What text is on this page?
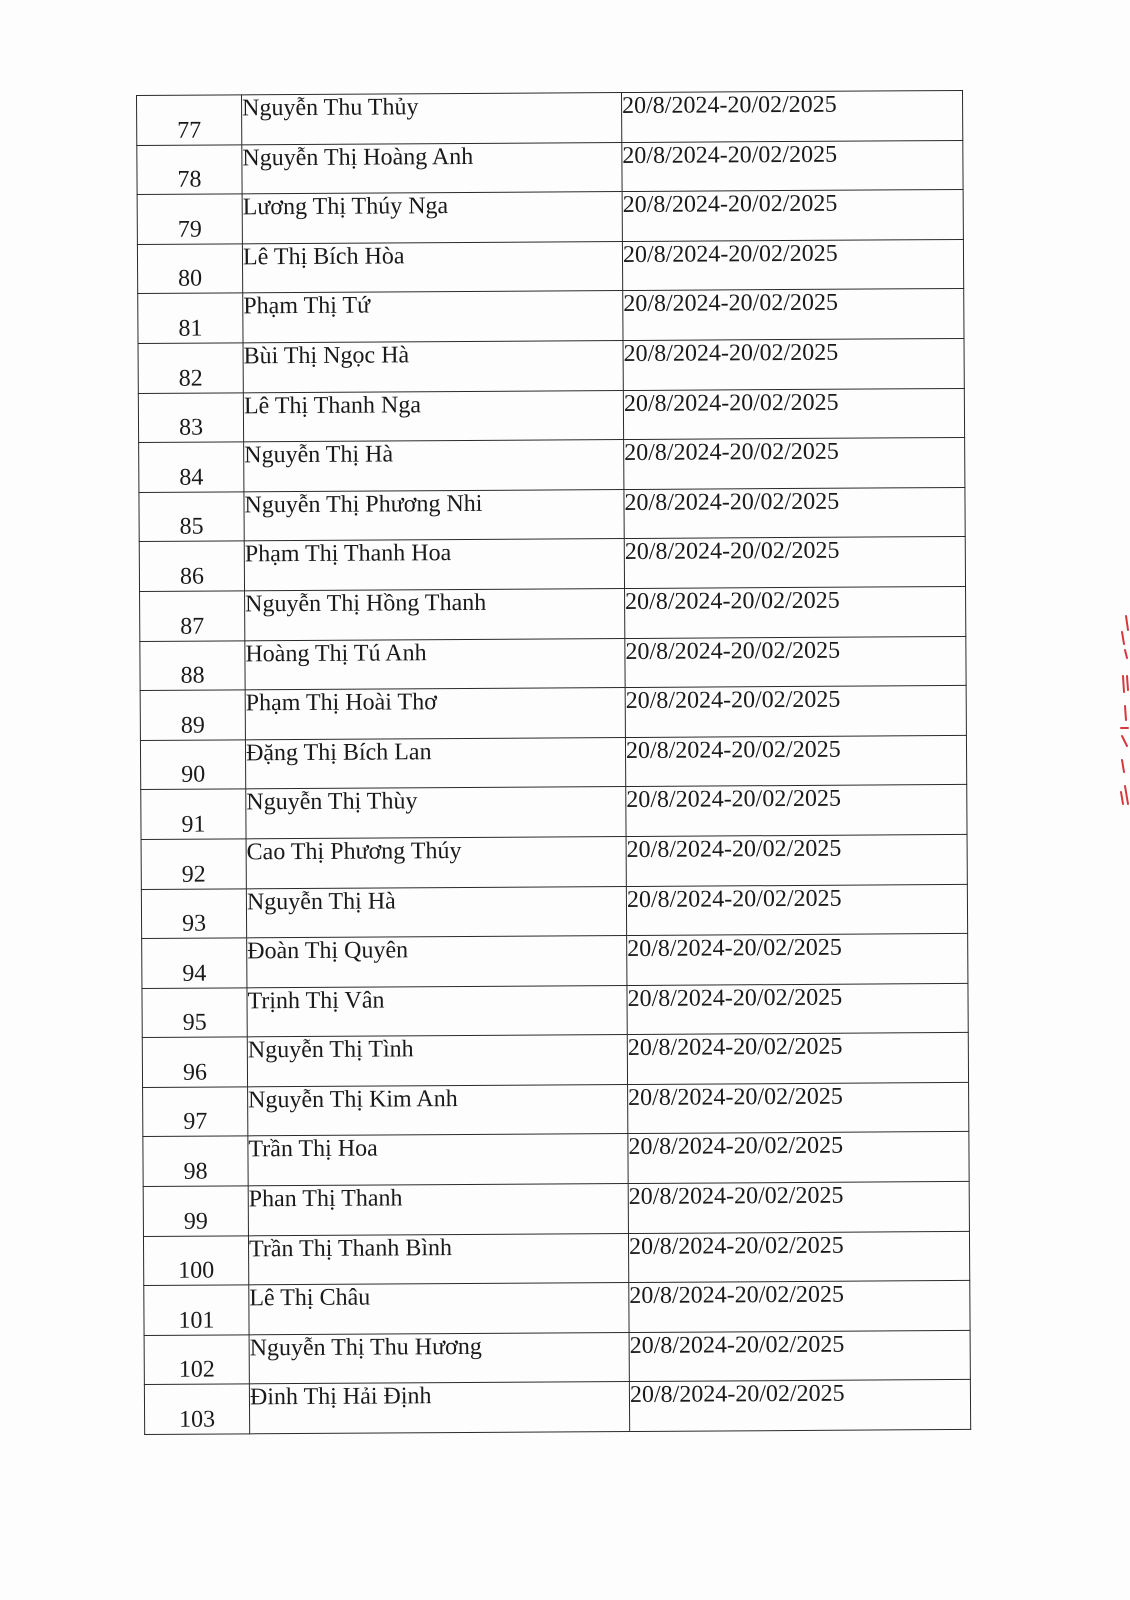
77	Nguyễn Thu Thủy	20/8/2024-20/02/2025
78	Nguyễn Thị Hoàng Anh	20/8/2024-20/02/2025
79	Lương Thị Thúy Nga	20/8/2024-20/02/2025
80	Lê Thị Bích Hòa	20/8/2024-20/02/2025
81	Phạm Thị Tứ	20/8/2024-20/02/2025
82	Bùi Thị Ngọc Hà	20/8/2024-20/02/2025
83	Lê Thị Thanh Nga	20/8/2024-20/02/2025
84	Nguyễn Thị Hà	20/8/2024-20/02/2025
85	Nguyễn Thị Phương Nhi	20/8/2024-20/02/2025
86	Phạm Thị Thanh Hoa	20/8/2024-20/02/2025
87	Nguyễn Thị Hồng Thanh	20/8/2024-20/02/2025
88	Hoàng Thị Tú Anh	20/8/2024-20/02/2025
89	Phạm Thị Hoài Thơ	20/8/2024-20/02/2025
90	Đặng Thị Bích Lan	20/8/2024-20/02/2025
91	Nguyễn Thị Thùy	20/8/2024-20/02/2025
92	Cao Thị Phương Thúy	20/8/2024-20/02/2025
93	Nguyễn Thị Hà	20/8/2024-20/02/2025
94	Đoàn Thị Quyên	20/8/2024-20/02/2025
95	Trịnh Thị Vân	20/8/2024-20/02/2025
96	Nguyễn Thị Tình	20/8/2024-20/02/2025
97	Nguyễn Thị Kim Anh	20/8/2024-20/02/2025
98	Trần Thị Hoa	20/8/2024-20/02/2025
99	Phan Thị Thanh	20/8/2024-20/02/2025
100	Trần Thị Thanh Bình	20/8/2024-20/02/2025
101	Lê Thị Châu	20/8/2024-20/02/2025
102	Nguyễn Thị Thu Hương	20/8/2024-20/02/2025
103	Đinh Thị Hải Định	20/8/2024-20/02/2025
